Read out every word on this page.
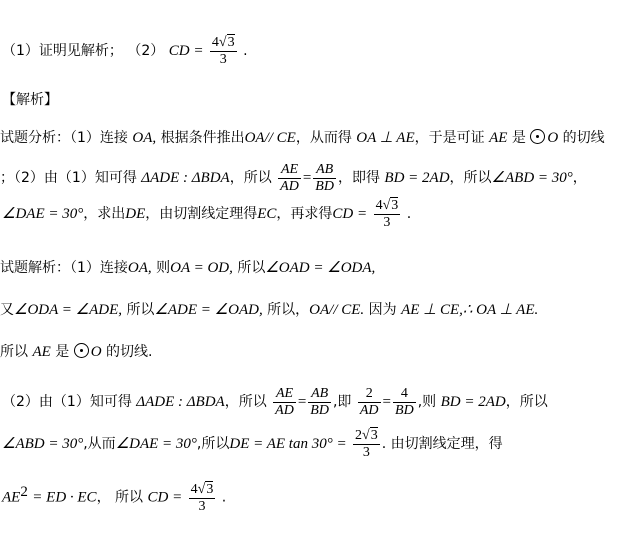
（1）证明见解析； （2） CD = $\frac{4√3}{3}$ .
【解析】
试题分析：（1）连接 OA, 根据条件推出OA// CE，从而得 OA ⊥ AE，于是可证 AE 是 O 的切线
；（2）由（1）知可得 ΔADE : ΔBDA，所以 $\frac{AE}{AD} = \frac{AB}{BD}$ ，即得 BD = 2AD，所以∠ABD = 30°，
∠DAE = 30°，求出DE，由切割线定理得EC，再求得CD = $\frac{4√3}{3}$ .
试题解析：（1）连接OA, 则OA = OD, 所以∠OAD = ∠ODA,
又∠ODA = ∠ADE, 所以∠ADE = ∠OAD, 所以，OA// CE. 因为 AE ⊥ CE,∴ OA ⊥ AE.
所以 AE 是 O 的切线.
（2）由（1）知可得 ΔADE : ΔBDA，所以 $\frac{AE}{AD} = \frac{AB}{BD}$ ,即 $\frac{2}{AD} = \frac{4}{BD}$ ,则 BD = 2AD，所以
∠ABD = 30°,从而∠DAE = 30°,所以DE = AE $\tan 30^\circ = \frac{2√3}{3}$ . 由切割线定理，得
$AE^2$ = ED · EC， 所以 CD = $\frac{4√3}{3}$ .
